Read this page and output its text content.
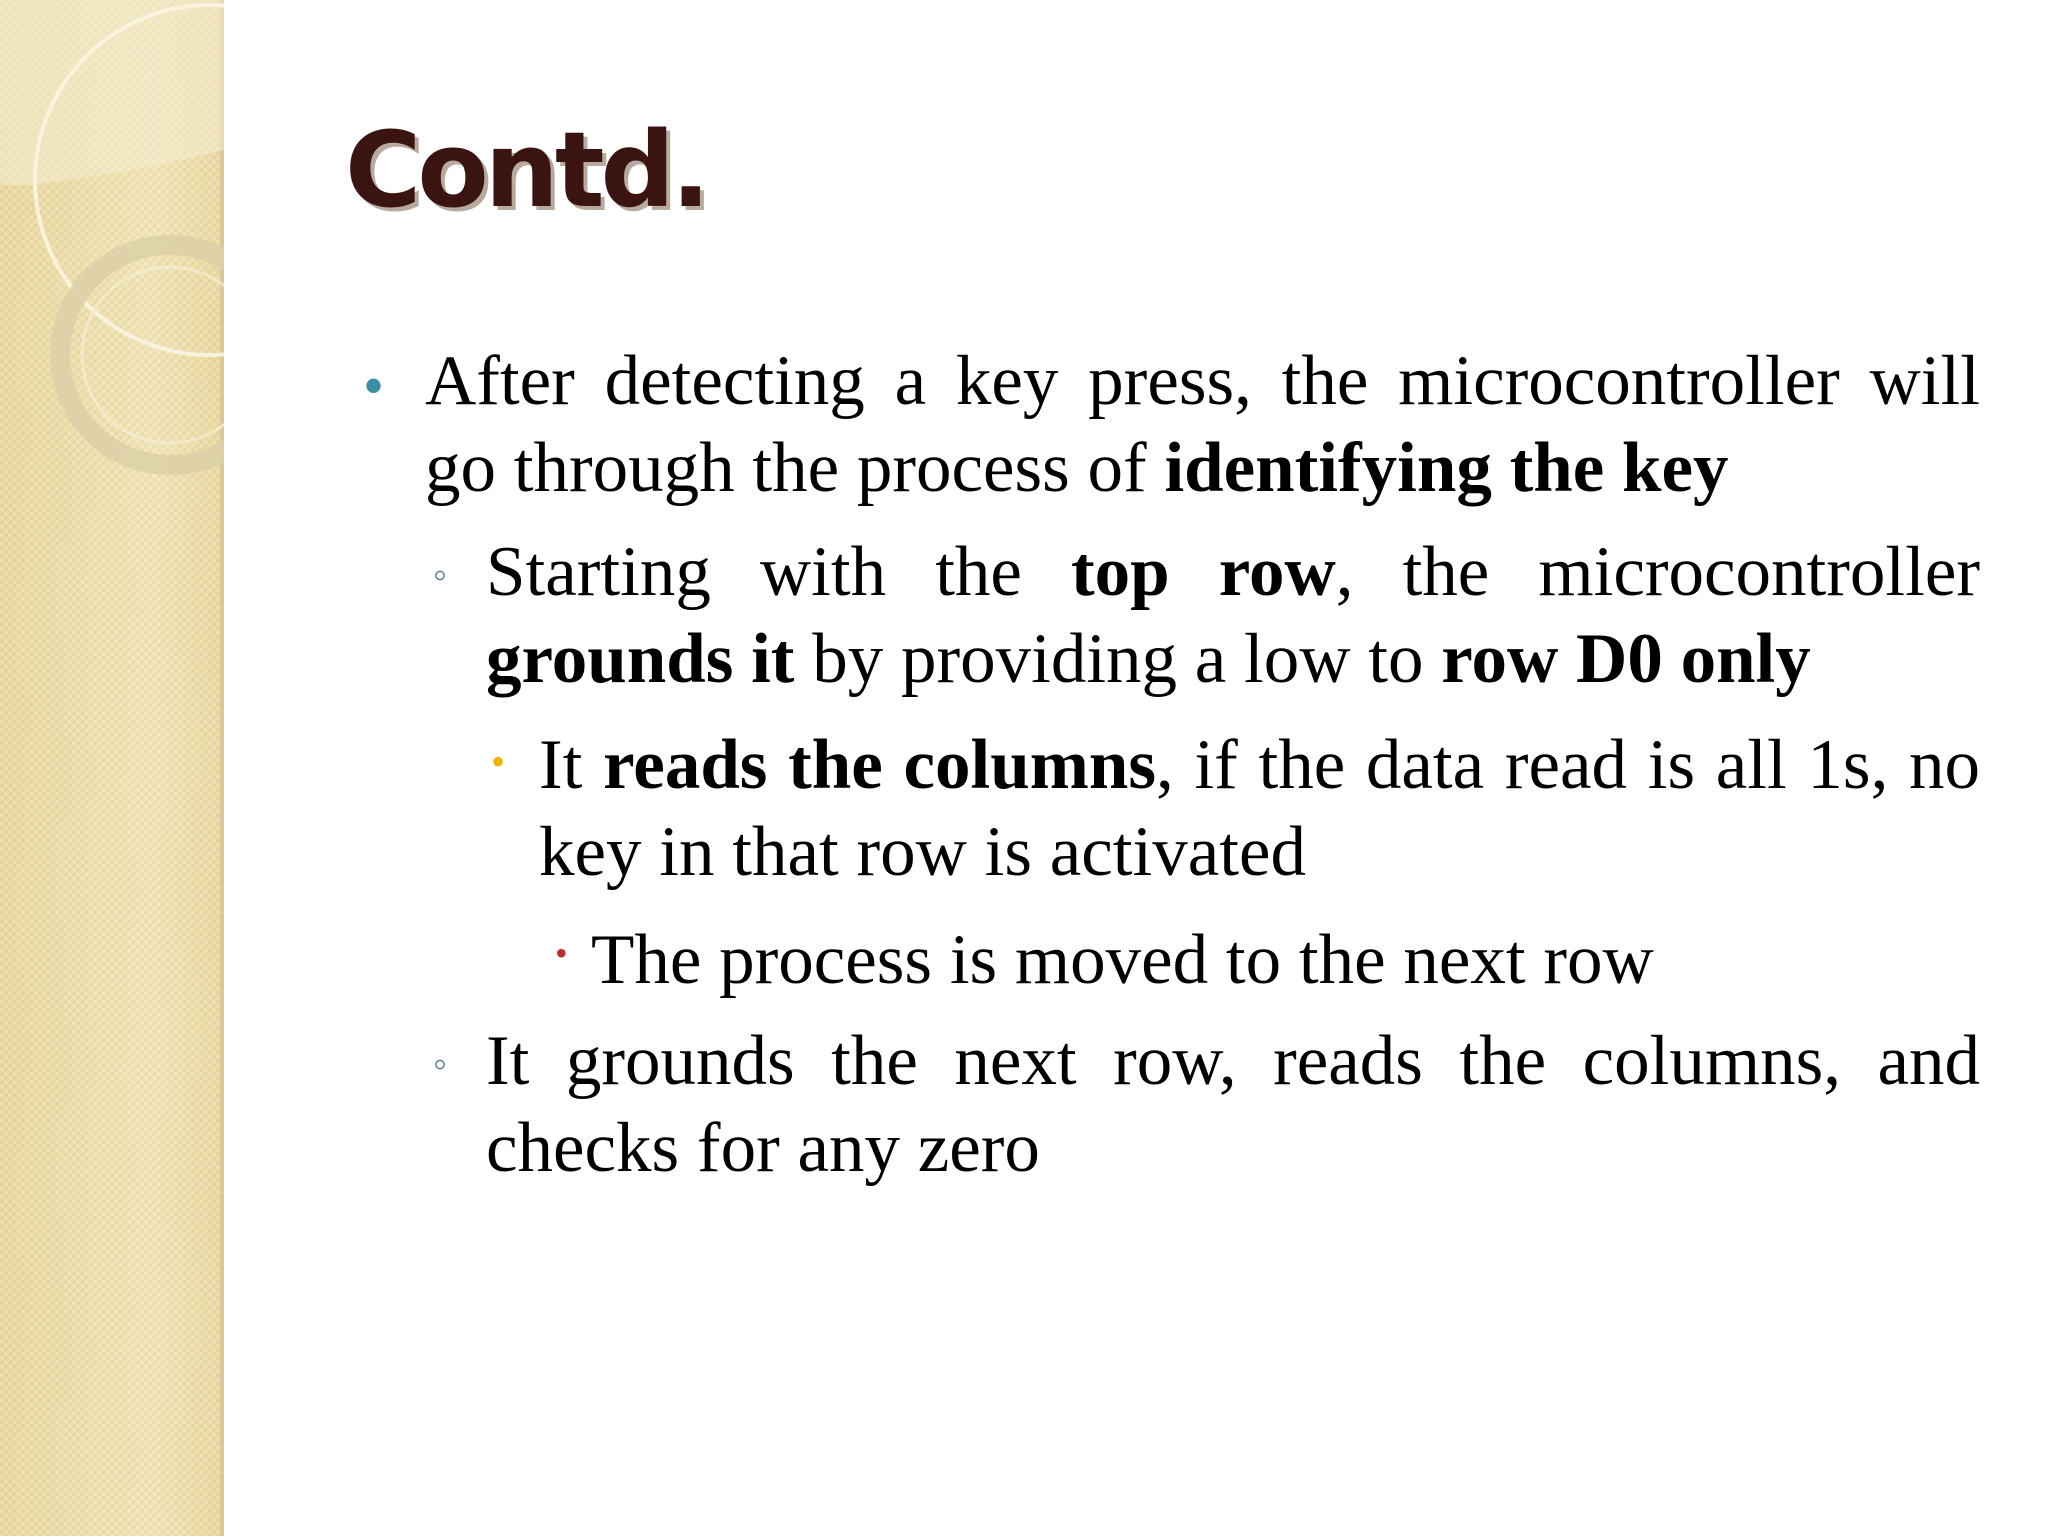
Contd.
• After detecting a key press, the microcontroller will go through the process of identifying the key
◦ Starting with the top row, the microcontroller grounds it by providing a low to row D0 only
• It reads the columns, if the data read is all 1s, no key in that row is activated
• The process is moved to the next row
◦ It grounds the next row, reads the columns, and checks for any zero
